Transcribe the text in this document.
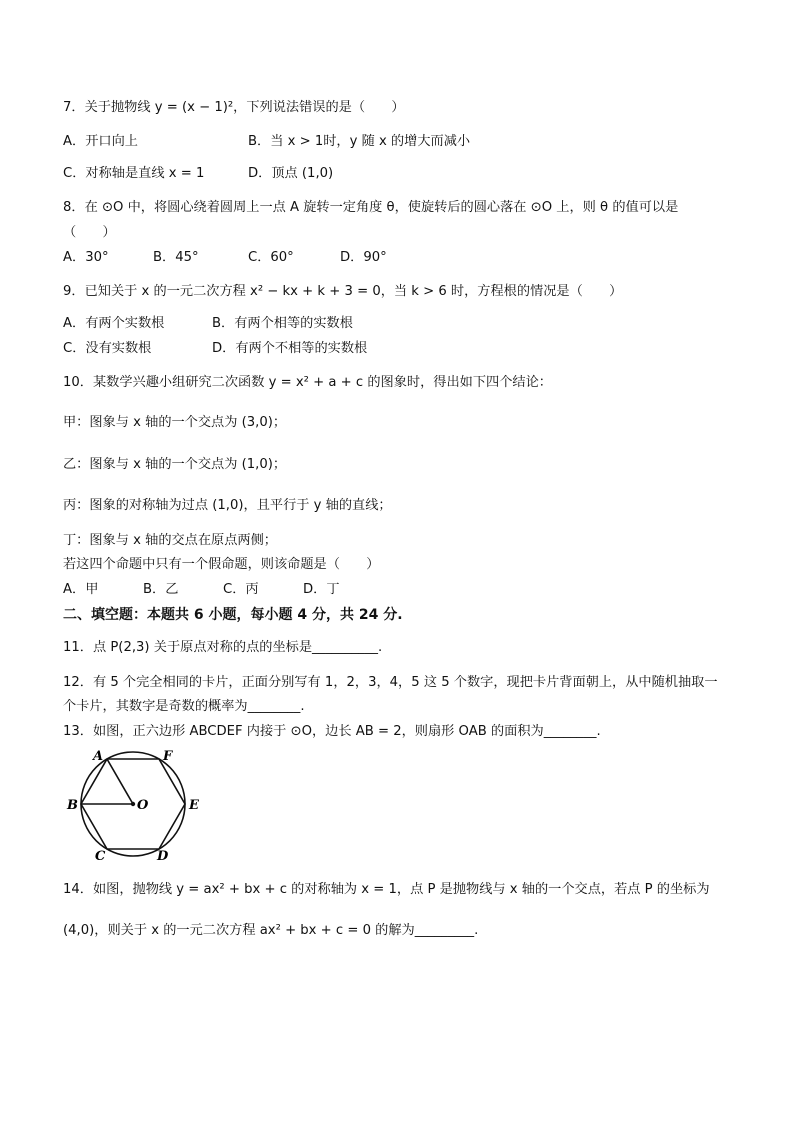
7．关于抛物线 y = (x − 1)²，下列说法错误的是（　　）
A．开口向上	B．当 x > 1时，y 随 x 的增大而减小
C．对称轴是直线 x = 1	D．顶点 (1,0)
8．在 ⊙O 中，将圆心绕着圆周上一点 A 旋转一定角度 θ，使旋转后的圆心落在 ⊙O 上，则 θ 的值可以是
（　　）
A．30°	B．45°	C．60°	D．90°
9．已知关于 x 的一元二次方程 x² − kx + k + 3 = 0，当 k > 6 时，方程根的情况是（　　）
A．有两个实数根	B．有两个相等的实数根
C．没有实数根	D．有两个不相等的实数根
10．某数学兴趣小组研究二次函数 y = x² + a + c 的图象时，得出如下四个结论：
甲：图象与 x 轴的一个交点为 (3,0)；
乙：图象与 x 轴的一个交点为 (1,0)；
丙：图象的对称轴为过点 (1,0)，且平行于 y 轴的直线；
丁：图象与 x 轴的交点在原点两侧；
若这四个命题中只有一个假命题，则该命题是（　　）
A．甲	B．乙	C．丙	D．丁
二、填空题：本题共 6 小题，每小题 4 分，共 24 分.
11．点 P(2,3) 关于原点对称的点的坐标是__________.
12．有 5 个完全相同的卡片，正面分别写有 1，2，3，4，5 这 5 个数字，现把卡片背面朝上，从中随机抽取一
个卡片，其数字是奇数的概率为________.
13．如图，正六边形 ABCDEF 内接于 ⊙O，边长 AB = 2，则扇形 OAB 的面积为________.
A	F
B	O	E
C	D
14．如图，抛物线 y = ax² + bx + c 的对称轴为 x = 1，点 P 是抛物线与 x 轴的一个交点，若点 P 的坐标为
(4,0)，则关于 x 的一元二次方程 ax² + bx + c = 0 的解为_________.
